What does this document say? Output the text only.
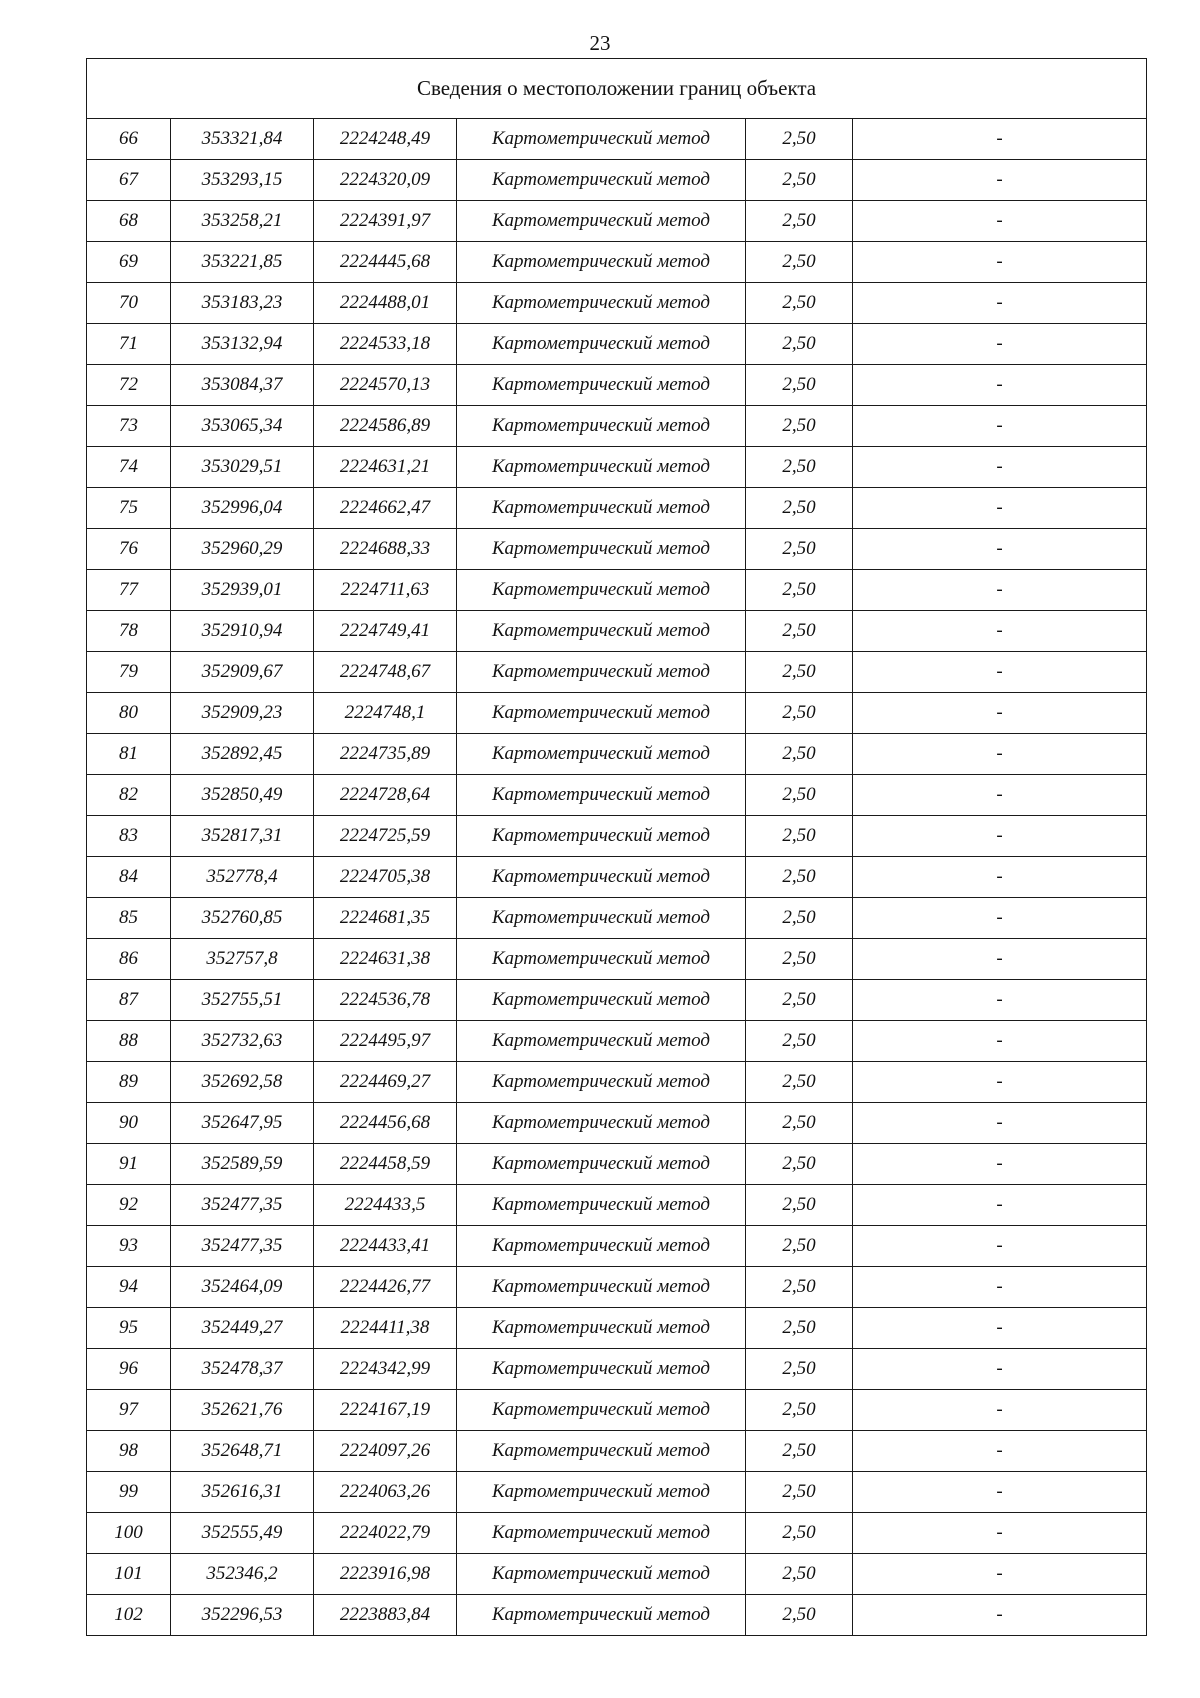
23
Сведения о местоположении границ объекта					
66	353321,84	2224248,49	Картометрический метод	2,50	-
67	353293,15	2224320,09	Картометрический метод	2,50	-
68	353258,21	2224391,97	Картометрический метод	2,50	-
69	353221,85	2224445,68	Картометрический метод	2,50	-
70	353183,23	2224488,01	Картометрический метод	2,50	-
71	353132,94	2224533,18	Картометрический метод	2,50	-
72	353084,37	2224570,13	Картометрический метод	2,50	-
73	353065,34	2224586,89	Картометрический метод	2,50	-
74	353029,51	2224631,21	Картометрический метод	2,50	-
75	352996,04	2224662,47	Картометрический метод	2,50	-
76	352960,29	2224688,33	Картометрический метод	2,50	-
77	352939,01	2224711,63	Картометрический метод	2,50	-
78	352910,94	2224749,41	Картометрический метод	2,50	-
79	352909,67	2224748,67	Картометрический метод	2,50	-
80	352909,23	2224748,1	Картометрический метод	2,50	-
81	352892,45	2224735,89	Картометрический метод	2,50	-
82	352850,49	2224728,64	Картометрический метод	2,50	-
83	352817,31	2224725,59	Картометрический метод	2,50	-
84	352778,4	2224705,38	Картометрический метод	2,50	-
85	352760,85	2224681,35	Картометрический метод	2,50	-
86	352757,8	2224631,38	Картометрический метод	2,50	-
87	352755,51	2224536,78	Картометрический метод	2,50	-
88	352732,63	2224495,97	Картометрический метод	2,50	-
89	352692,58	2224469,27	Картометрический метод	2,50	-
90	352647,95	2224456,68	Картометрический метод	2,50	-
91	352589,59	2224458,59	Картометрический метод	2,50	-
92	352477,35	2224433,5	Картометрический метод	2,50	-
93	352477,35	2224433,41	Картометрический метод	2,50	-
94	352464,09	2224426,77	Картометрический метод	2,50	-
95	352449,27	2224411,38	Картометрический метод	2,50	-
96	352478,37	2224342,99	Картометрический метод	2,50	-
97	352621,76	2224167,19	Картометрический метод	2,50	-
98	352648,71	2224097,26	Картометрический метод	2,50	-
99	352616,31	2224063,26	Картометрический метод	2,50	-
100	352555,49	2224022,79	Картометрический метод	2,50	-
101	352346,2	2223916,98	Картометрический метод	2,50	-
102	352296,53	2223883,84	Картометрический метод	2,50	-
